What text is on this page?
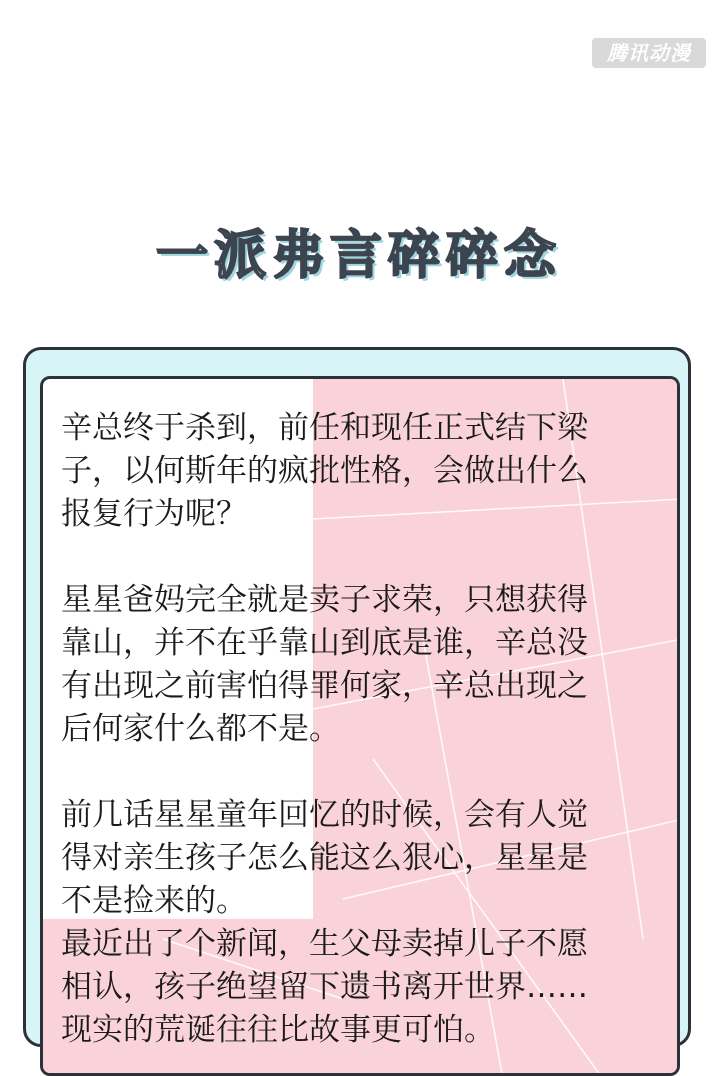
腾讯动漫
一派弗言碎碎念

辛总终于杀到，前任和现任正式结下梁

子，以何斯年的疯批性格，会做出什么

报复行为呢？

星星爸妈完全就是卖子求荣，只想获得

靠山，并不在乎靠山到底是谁，辛总没

有出现之前害怕得罪何家，辛总出现之

后何家什么都不是。

前几话星星童年回忆的时候，会有人觉

得对亲生孩子怎么能这么狠心，星星是

不是捡来的。

最近出了个新闻，生父母卖掉儿子不愿

相认，孩子绝望留下遗书离开世界……

现实的荒诞往往比故事更可怕。
